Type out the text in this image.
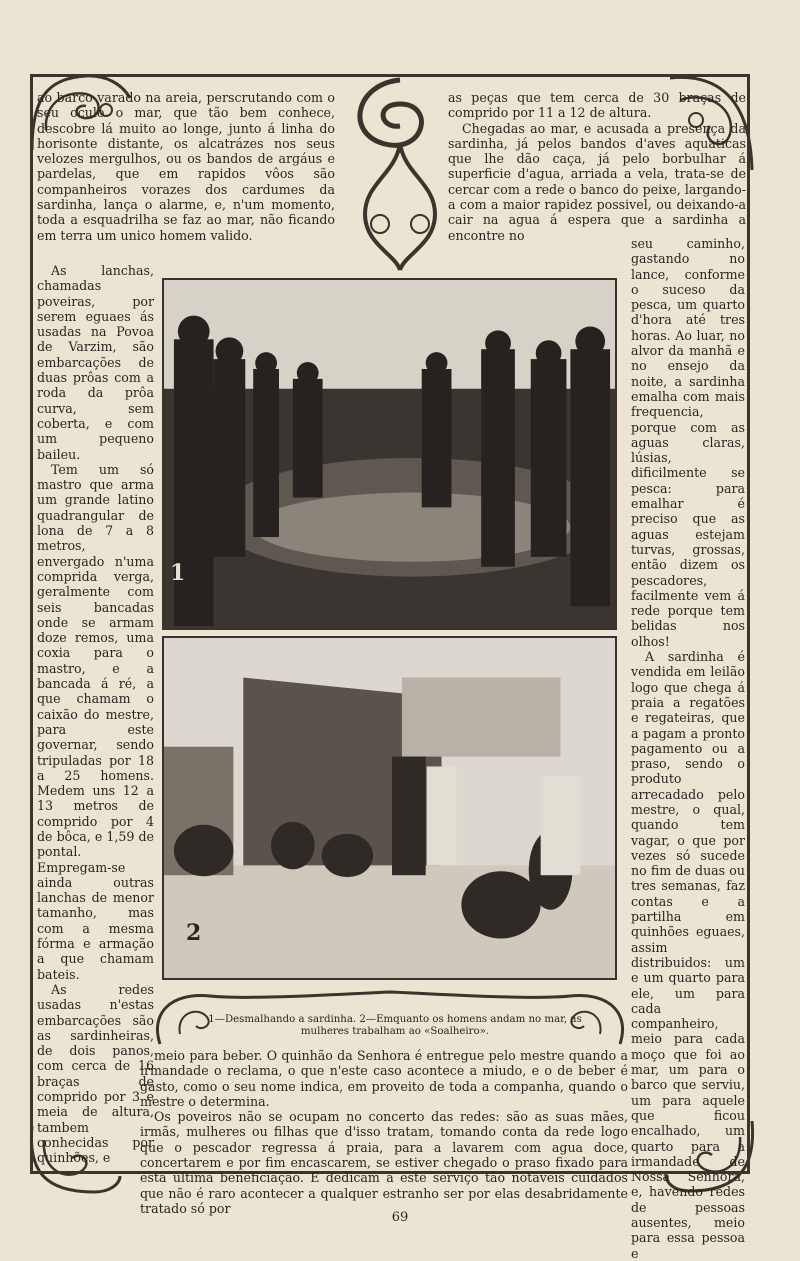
ao barco varado na areia, perscrutando com o seu oculo o mar, que tão bem conhece, descobre lá muito ao longe, junto á linha do horisonte distante, os alcatrázes nos seus velozes mergulhos, ou os bandos de argáus e pardelas, que em rapidos vôos são companheiros vorazes dos cardumes da sardinha, lança o alarme, e, n'um momento, toda a esquadrilha se faz ao mar, não ficando em terra um unico homem valido.

As lanchas, chamadas poveiras, por serem eguaes ás usadas na Povoa de Varzim, são embarcações de duas prôas com a roda da prôa curva, sem coberta, e com um pequeno baileu.

Tem um só mastro que arma um grande latino quadrangular de lona de 7 a 8 metros, envergado n'uma comprida verga, geralmente com seis bancadas onde se armam doze remos, uma coxia para o mastro, e a bancada á ré, a que chamam o caixão do mestre, para este governar, sendo tripuladas por 18 a 25 homens. Medem uns 12 a 13 metros de comprido por 4 de bôca, e 1,59 de pontal. Empregam-se ainda outras lanchas de menor tamanho, mas com a mesma fórma e armação a que chamam bateis.

As redes usadas n'estas embarcações são as sardinheiras, de dois panos, com cerca de 16 braças de comprido por 3 e meia de altura, tambem conhecidas por quinhões, e

as peças que tem cerca de 30 braças de comprido por 11 a 12 de altura.

Chegadas ao mar, e acusada a presença da sardinha, já pelos bandos d'aves aquaticas que lhe dão caça, já pelo borbulhar á superficie d'agua, arriada a vela, trata-se de cercar com a rede o banco do peixe, largando-a com a maior rapidez possivel, ou deixando-a cair na agua á espera que a sardinha a encontre no

seu caminho, gastando no lance, conforme o suceso da pesca, um quarto d'hora até tres horas. Ao luar, no alvor da manhã e no ensejo da noite, a sardinha emalha com mais frequencia, porque com as aguas claras, lúsias, dificilmente se pesca: para emalhar é preciso que as aguas estejam turvas, grossas, então dizem os pescadores, facilmente vem á rede porque tem belidas nos olhos!

A sardinha é vendida em leilão logo que chega á praia a regatões e regateiras, que a pagam a pronto pagamento ou a praso, sendo o produto arrecadado pelo mestre, o qual, quando tem vagar, o que por vezes só sucede no fim de duas ou tres semanas, faz contas e a partilha em quinhões eguaes, assim distribuidos: um e um quarto para ele, um para cada companheiro, meio para cada moço que foi ao mar, um para o barco que serviu, um para aquele que ficou encalhado, um quarto para a irmandade de Nossa Senhora, e, havendo redes de pessoas ausentes, meio para essa pessoa e

1
2
1—Desmalhando a sardinha. 2—Emquanto os homens andam no mar, as mulheres trabalham ao «Soalheiro».

meio para beber. O quinhão da Senhora é entregue pelo mestre quando a irmandade o reclama, o que n'este caso acontece a miudo, e o de beber é gasto, como o seu nome indica, em proveito de toda a companha, quando o mestre o determina.

Os poveiros não se ocupam no concerto das redes: são as suas mães, irmãs, mulheres ou filhas que d'isso tratam, tomando conta da rede logo que o pescador regressa á praia, para a lavarem com agua doce, concertarem e por fim encascarem, se estiver chegado o praso fixado para esta ultima beneficiação. E dedicam a este serviço tão notaveis cuidados que não é raro acontecer a qualquer estranho ser por elas desabridamente tratado só por

69
